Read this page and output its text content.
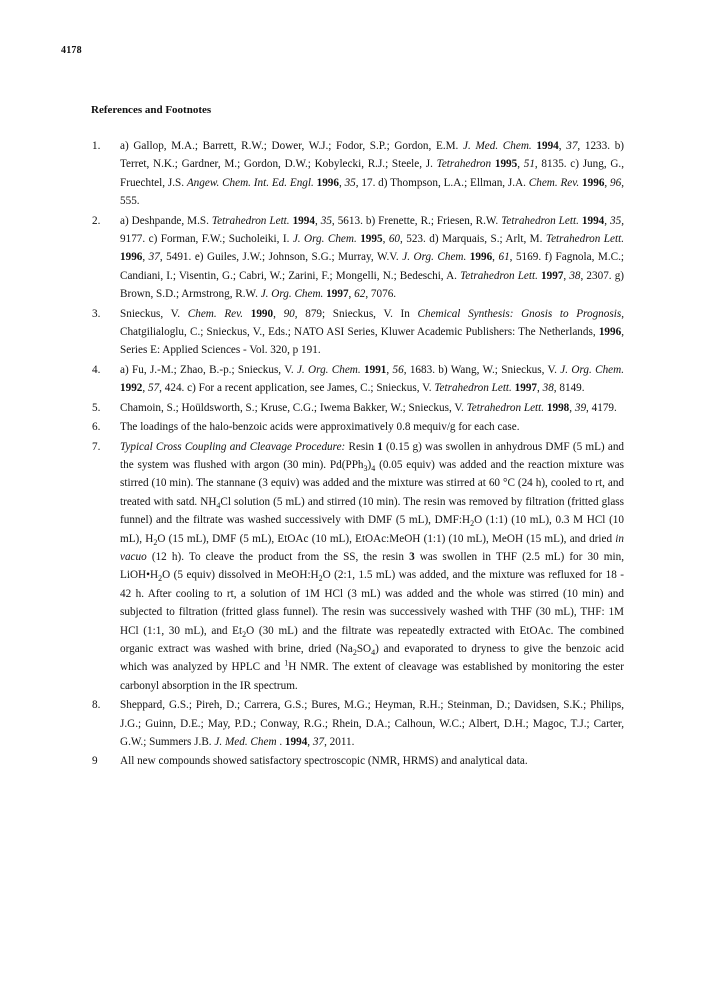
4178
References and Footnotes
1. a) Gallop, M.A.; Barrett, R.W.; Dower, W.J.; Fodor, S.P.; Gordon, E.M. J. Med. Chem. 1994, 37, 1233. b) Terret, N.K.; Gardner, M.; Gordon, D.W.; Kobylecki, R.J.; Steele, J. Tetrahedron 1995, 51, 8135. c) Jung, G., Fruechtel, J.S. Angew. Chem. Int. Ed. Engl. 1996, 35, 17. d) Thompson, L.A.; Ellman, J.A. Chem. Rev. 1996, 96, 555.
2. a) Deshpande, M.S. Tetrahedron Lett. 1994, 35, 5613. b) Frenette, R.; Friesen, R.W. Tetrahedron Lett. 1994, 35, 9177. c) Forman, F.W.; Sucholeiki, I. J. Org. Chem. 1995, 60, 523. d) Marquais, S.; Arlt, M. Tetrahedron Lett. 1996, 37, 5491. e) Guiles, J.W.; Johnson, S.G.; Murray, W.V. J. Org. Chem. 1996, 61, 5169. f) Fagnola, M.C.; Candiani, I.; Visentin, G.; Cabri, W.; Zarini, F.; Mongelli, N.; Bedeschi, A. Tetrahedron Lett. 1997, 38, 2307. g) Brown, S.D.; Armstrong, R.W. J. Org. Chem. 1997, 62, 7076.
3. Snieckus, V. Chem. Rev. 1990, 90, 879; Snieckus, V. In Chemical Synthesis: Gnosis to Prognosis, Chatgilialoglu, C.; Snieckus, V., Eds.; NATO ASI Series, Kluwer Academic Publishers: The Netherlands, 1996, Series E: Applied Sciences - Vol. 320, p 191.
4. a) Fu, J.-M.; Zhao, B.-p.; Snieckus, V. J. Org. Chem. 1991, 56, 1683. b) Wang, W.; Snieckus, V. J. Org. Chem. 1992, 57, 424. c) For a recent application, see James, C.; Snieckus, V. Tetrahedron Lett. 1997, 38, 8149.
5. Chamoin, S.; Hoüldsworth, S.; Kruse, C.G.; Iwema Bakker, W.; Snieckus, V. Tetrahedron Lett. 1998, 39, 4179.
6. The loadings of the halo-benzoic acids were approximatively 0.8 mequiv/g for each case.
7. Typical Cross Coupling and Cleavage Procedure: Resin 1 (0.15 g) was swollen in anhydrous DMF (5 mL) and the system was flushed with argon (30 min). $Pd(PPh_3)_4$ (0.05 equiv) was added and the reaction mixture was stirred (10 min). The stannane (3 equiv) was added and the mixture was stirred at 60 °C (24 h), cooled to rt, and treated with satd. $NH_4Cl$ solution (5 mL) and stirred (10 min). The resin was removed by filtration (fritted glass funnel) and the filtrate was washed successively with DMF (5 mL), $DMF:H_2O$ (1:1) (10 mL), 0.3 M HCl (10 mL), $H_2O$ (15 mL), DMF (5 mL), EtOAc (10 mL), EtOAc:MeOH (1:1) (10 mL), MeOH (15 mL), and dried in vacuo (12 h). To cleave the product from the SS, the resin 3 was swollen in THF (2.5 mL) for 30 min, $LiOH•H_2O$ (5 equiv) dissolved in $MeOH:H_2O$ (2:1, 1.5 mL) was added, and the mixture was refluxed for 18 - 42 h. After cooling to rt, a solution of 1M HCl (3 mL) was added and the whole was stirred (10 min) and subjected to filtration (fritted glass funnel). The resin was successively washed with THF (30 mL), THF: 1M HCl (1:1, 30 mL), and $Et_2O$ (30 mL) and the filtrate was repeatedly extracted with EtOAc. The combined organic extract was washed with brine, dried $(Na_2SO_4)$ and evaporated to dryness to give the benzoic acid which was analyzed by HPLC and $^1$H NMR. The extent of cleavage was established by monitoring the ester carbonyl absorption in the IR spectrum.
8. Sheppard, G.S.; Pireh, D.; Carrera, G.S.; Bures, M.G.; Heyman, R.H.; Steinman, D.; Davidsen, S.K.; Philips, J.G.; Guinn, D.E.; May, P.D.; Conway, R.G.; Rhein, D.A.; Calhoun, W.C.; Albert, D.H.; Magoc, T.J.; Carter, G.W.; Summers J.B. J. Med. Chem . 1994, 37, 2011.
9 All new compounds showed satisfactory spectroscopic (NMR, HRMS) and analytical data.
